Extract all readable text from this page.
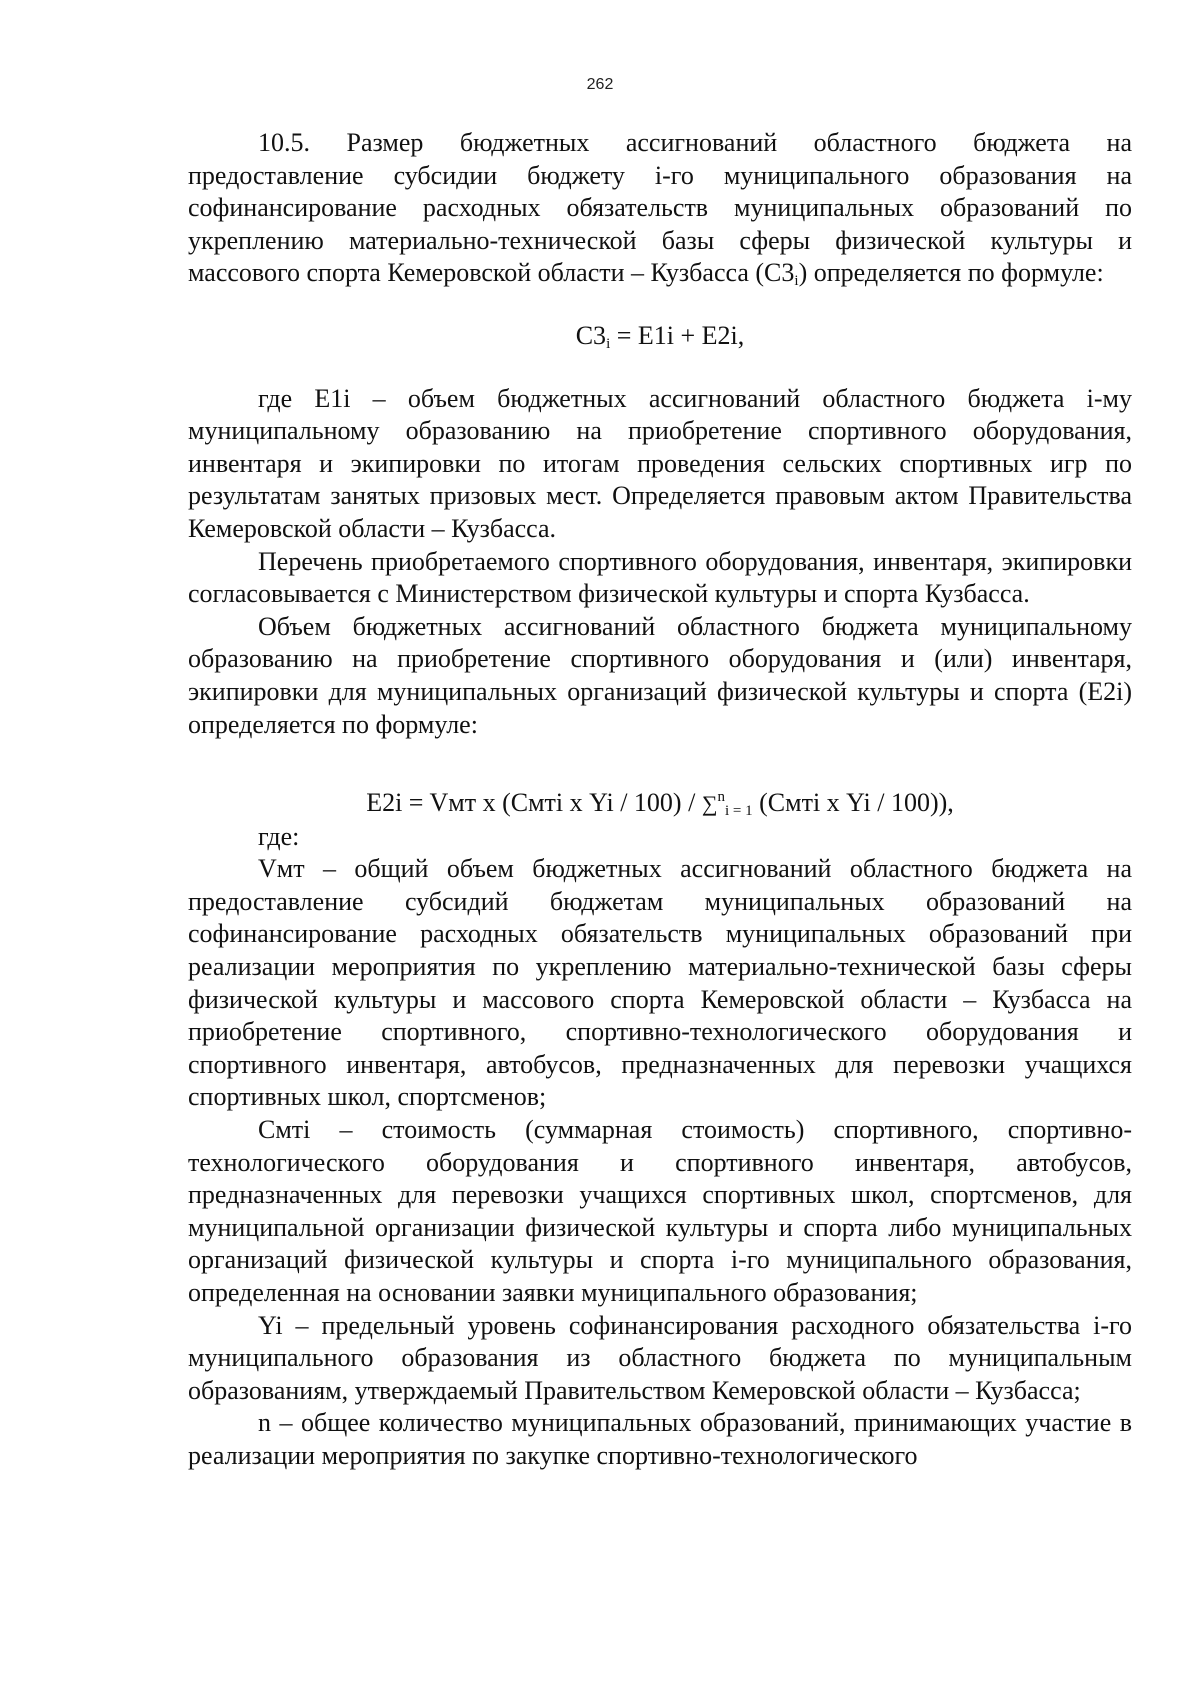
262

10.5. Размер бюджетных ассигнований областного бюджета на предоставление субсидии бюджету i-го муниципального образования на софинансирование расходных обязательств муниципальных образований по укреплению материально-технической базы сферы физической культуры и массового спорта Кемеровской области – Кузбасса $(С3_i)$ определяется по формуле:

$С3_i = Е1i + Е2i$,

где Е1i – объем бюджетных ассигнований областного бюджета i-му муниципальному образованию на приобретение спортивного оборудования, инвентаря и экипировки по итогам проведения сельских спортивных игр по результатам занятых призовых мест. Определяется правовым актом Правительства Кемеровской области – Кузбасса.

Перечень приобретаемого спортивного оборудования, инвентаря, экипировки согласовывается с Министерством физической культуры и спорта Кузбасса.

Объем бюджетных ассигнований областного бюджета муниципальному образованию на приобретение спортивного оборудования и (или) инвентаря, экипировки для муниципальных организаций физической культуры и спорта (Е2i) определяется по формуле:

Е2i = Vмт х (Смтi х Yi / 100) / ∑$^n_{i = 1}$ (Смтi х Yi / 100)),

где:

Vмт – общий объем бюджетных ассигнований областного бюджета на предоставление субсидий бюджетам муниципальных образований на софинансирование расходных обязательств муниципальных образований при реализации мероприятия по укреплению материально-технической базы сферы физической культуры и массового спорта Кемеровской области – Кузбасса на приобретение спортивного, спортивно-технологического оборудования и спортивного инвентаря, автобусов, предназначенных для перевозки учащихся спортивных школ, спортсменов;

Смтi – стоимость (суммарная стоимость) спортивного, спортивно-технологического оборудования и спортивного инвентаря, автобусов, предназначенных для перевозки учащихся спортивных школ, спортсменов, для муниципальной организации физической культуры и спорта либо муниципальных организаций физической культуры и спорта i-го муниципального образования, определенная на основании заявки муниципального образования;

Yi – предельный уровень софинансирования расходного обязательства i-го муниципального образования из областного бюджета по муниципальным образованиям, утверждаемый Правительством Кемеровской области – Кузбасса;

n – общее количество муниципальных образований, принимающих участие в реализации мероприятия по закупке спортивно-технологического
